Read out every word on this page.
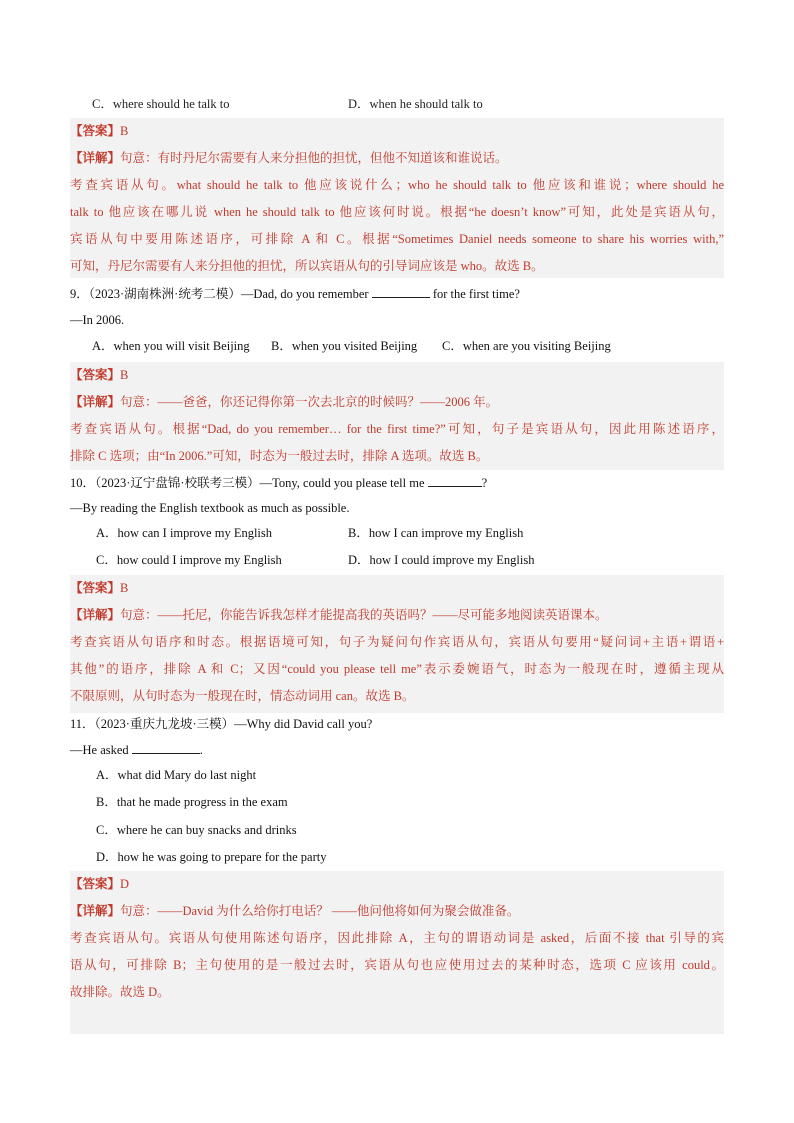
C．where should he talk to	D．when he should talk to
【答案】B
【详解】句意：有时丹尼尔需要有人来分担他的担忧，但他不知道该和谁说话。
考查宾语从句。what should he talk to 他应该说什么；who he should talk to 他应该和谁说；where should he
talk to 他应该在哪儿说 when he should talk to 他应该何时说。根据“he doesn’t know”可知，此处是宾语从句，
宾语从句中要用陈述语序，可排除 A 和 C。根据“Sometimes Daniel needs someone to share his worries with,”
可知，丹尼尔需要有人来分担他的担忧，所以宾语从句的引导词应该是 who。故选 B。
9．（2023·湖南株洲·统考二模）—Dad, do you remember	for the first time?
—In 2006.
A．when you will visit Beijing B．when you visited Beijing C．when are you visiting Beijing
【答案】B
【详解】句意：——爸爸，你还记得你第一次去北京的时候吗？——2006 年。
考查宾语从句。根据“Dad, do you remember… for the first time?”可知，句子是宾语从句，因此用陈述语序，
排除 C 选项；由“In 2006.”可知，时态为一般过去时，排除 A 选项。故选 B。
10．（2023·辽宁盘锦·校联考三模）—Tony, could you please tell me	?
—By reading the English textbook as much as possible.
A．how can I improve my English	B．how I can improve my English
C．how could I improve my English	D．how I could improve my English
【答案】B
【详解】句意：——托尼，你能告诉我怎样才能提高我的英语吗？——尽可能多地阅读英语课本。
考查宾语从句语序和时态。根据语境可知，句子为疑问句作宾语从句，宾语从句要用“疑问词+主语+谓语+
其他”的语序，排除 A 和 C；又因“could you please tell me”表示委婉语气，时态为一般现在时，遵循主现从
不限原则，从句时态为一般现在时，情态动词用 can。故选 B。
11．（2023·重庆九龙坡·三模）—Why did David call you?
—He asked	.
A．what did Mary do last night
B．that he made progress in the exam
C．where he can buy snacks and drinks
D．how he was going to prepare for the party
【答案】D
【详解】句意：——David 为什么给你打电话？ ——他问他将如何为聚会做准备。
考查宾语从句。宾语从句使用陈述句语序，因此排除 A，主句的谓语动词是 asked，后面不接 that 引导的宾
语从句，可排除 B；主句使用的是一般过去时，宾语从句也应使用过去的某种时态，选项 C 应该用 could。
故排除。故选 D。
